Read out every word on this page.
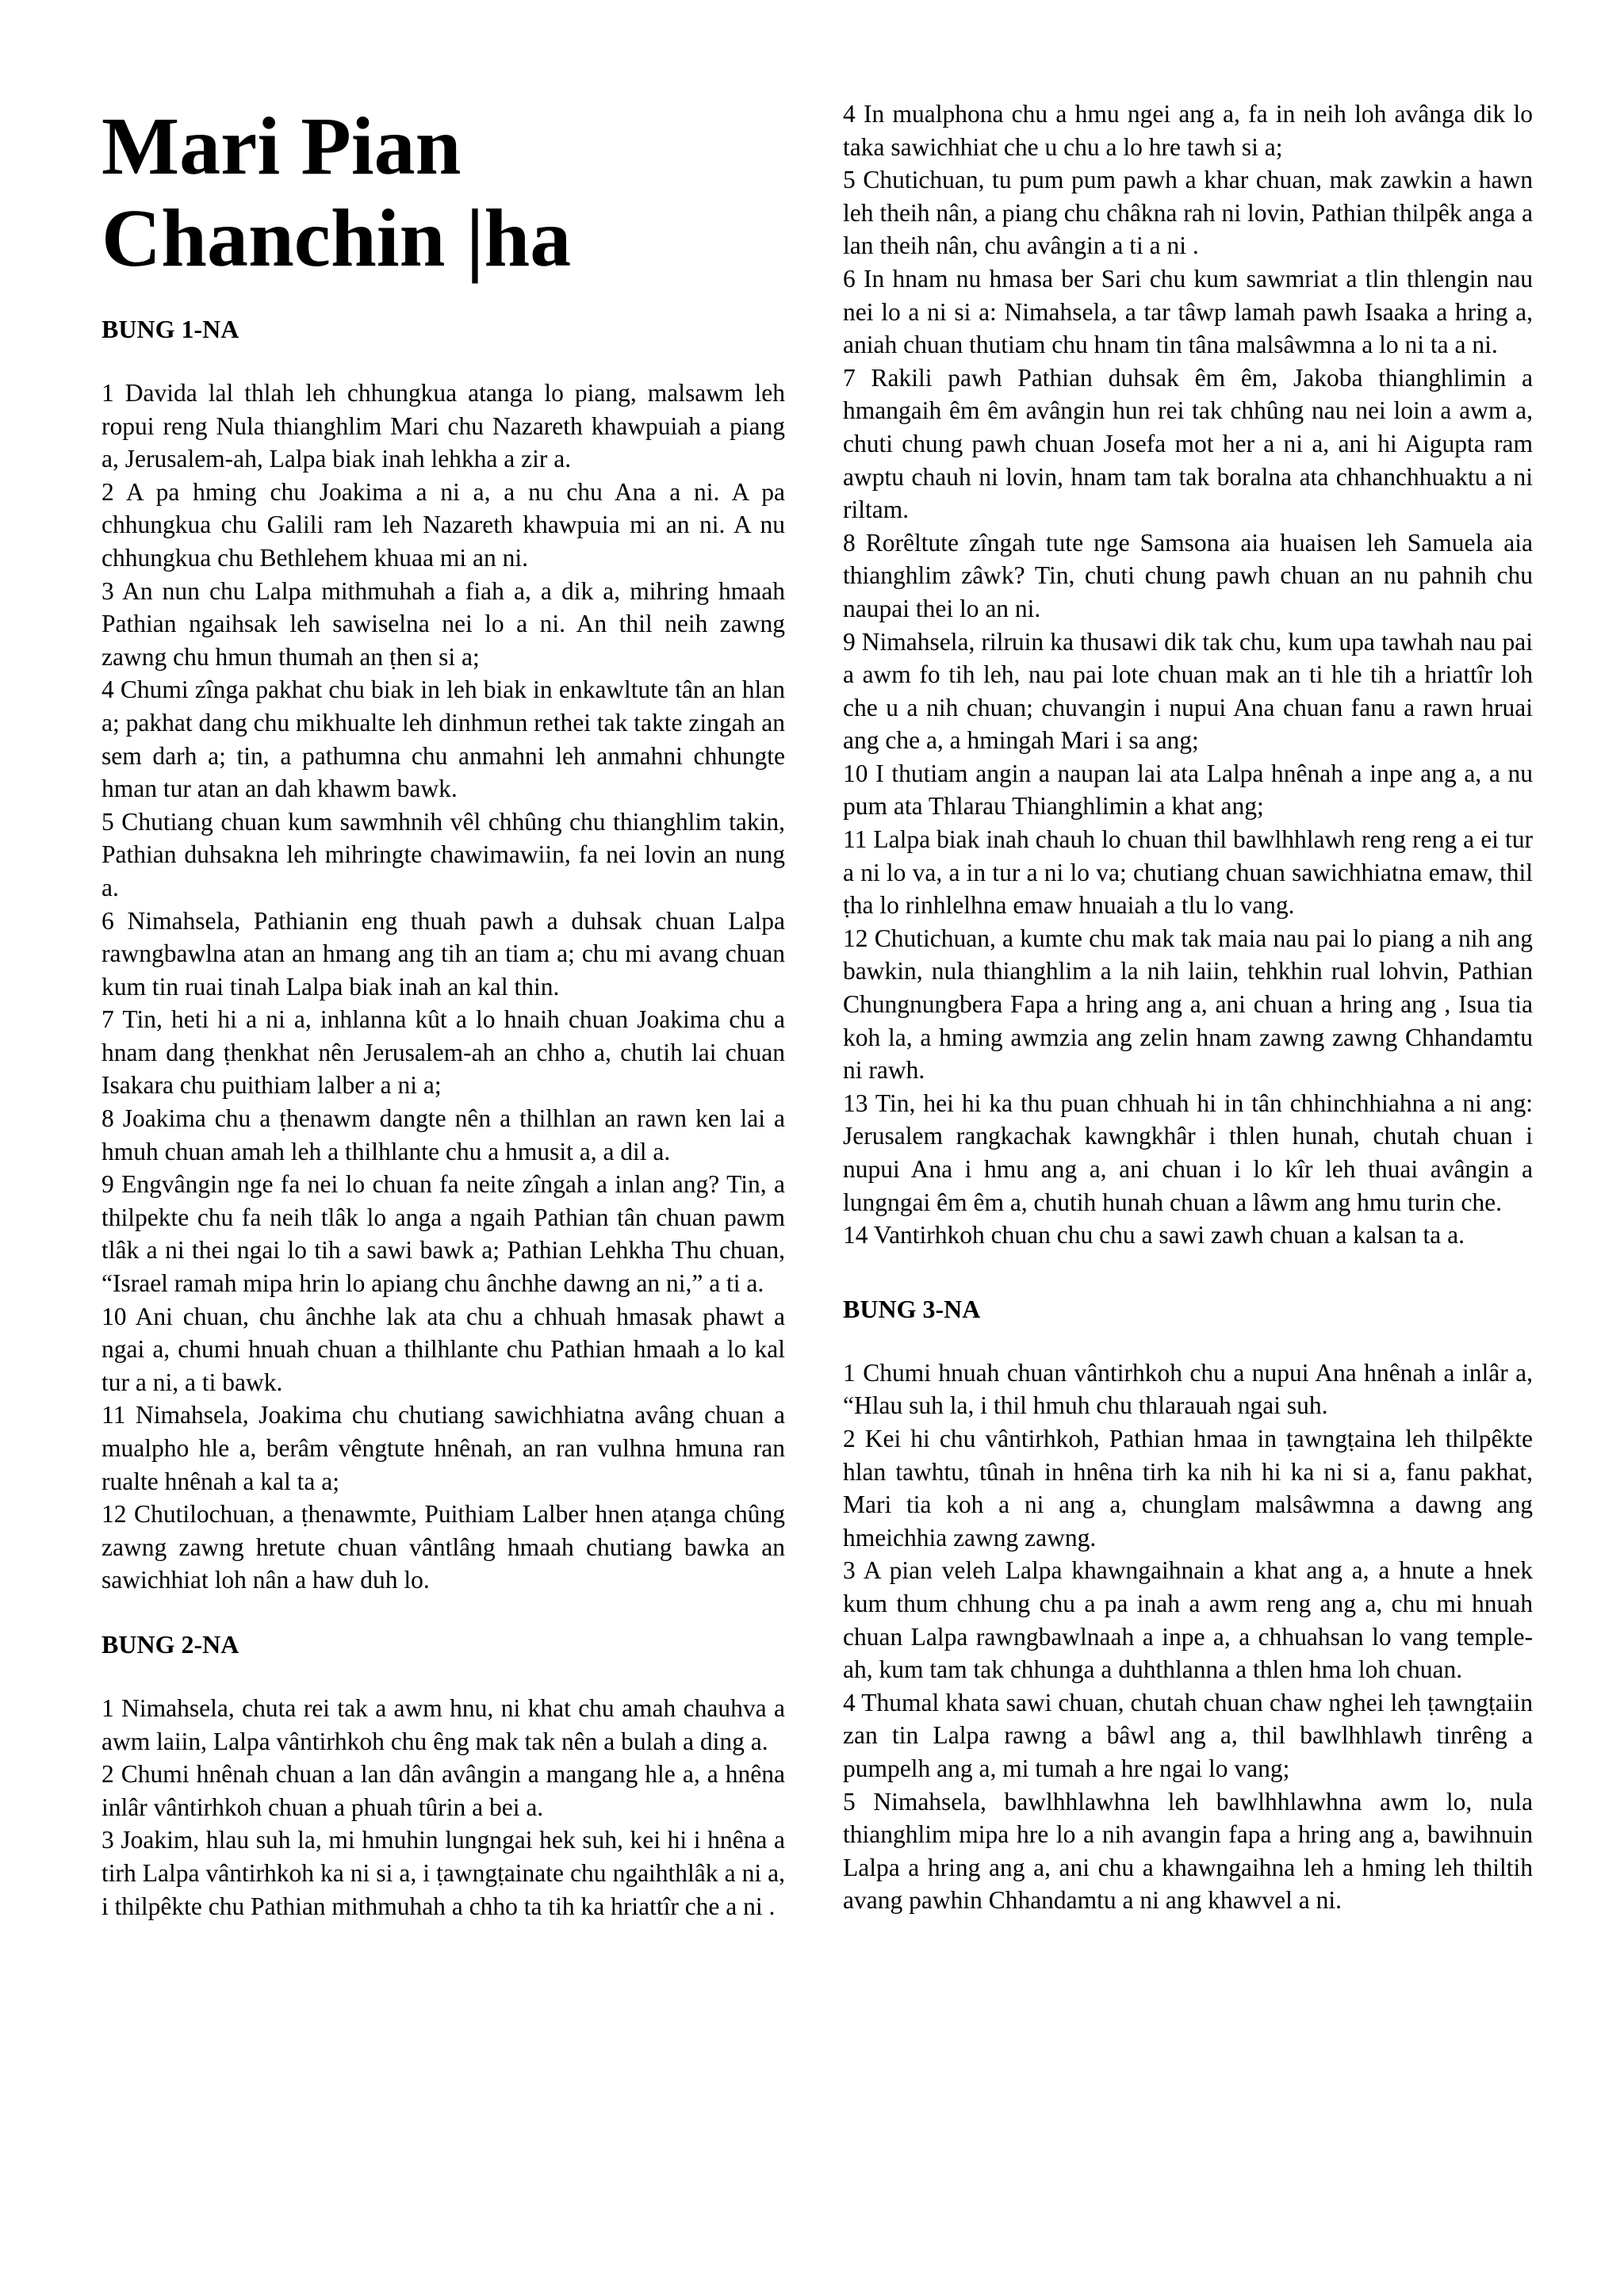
Mari Pian Chanchin |ha
BUNG 1-NA

1 Davida lal thlah leh chhungkua atanga lo piang, malsawm leh ropui reng Nula thianghlim Mari chu Nazareth khawpuiah a piang a, Jerusalem-ah, Lalpa biak inah lehkha a zir a.

2 A pa hming chu Joakima a ni a, a nu chu Ana a ni. A pa chhungkua chu Galili ram leh Nazareth khawpuia mi an ni. A nu chhungkua chu Bethlehem khuaa mi an ni.

3 An nun chu Lalpa mithmuhah a fiah a, a dik a, mihring hmaah Pathian ngaihsak leh sawiselna nei lo a ni. An thil neih zawng zawng chu hmun thumah an ṭhen si a;

4 Chumi zînga pakhat chu biak in leh biak in enkawltute tân an hlan a; pakhat dang chu mikhualte leh dinhmun rethei tak takte zingah an sem darh a; tin, a pathumna chu anmahni leh anmahni chhungte hman tur atan an dah khawm bawk.

5 Chutiang chuan kum sawmhnih vêl chhûng chu thianghlim takin, Pathian duhsakna leh mihringte chawimawiin, fa nei lovin an nung a.

6 Nimahsela, Pathianin eng thuah pawh a duhsak chuan Lalpa rawngbawlna atan an hmang ang tih an tiam a; chu mi avang chuan kum tin ruai tinah Lalpa biak inah an kal thin.

7 Tin, heti hi a ni a, inhlanna kût a lo hnaih chuan Joakima chu a hnam dang ṭhenkhat nên Jerusalem-ah an chho a, chutih lai chuan Isakara chu puithiam lalber a ni a;

8 Joakima chu a ṭhenawm dangte nên a thilhlan an rawn ken lai a hmuh chuan amah leh a thilhlante chu a hmusit a, a dil a.

9 Engvângin nge fa nei lo chuan fa neite zîngah a inlan ang? Tin, a thilpekte chu fa neih tlâk lo anga a ngaih Pathian tân chuan pawm tlâk a ni thei ngai lo tih a sawi bawk a; Pathian Lehkha Thu chuan, “Israel ramah mipa hrin lo apiang chu ânchhe dawng an ni,” a ti a.

10 Ani chuan, chu ânchhe lak ata chu a chhuah hmasak phawt a ngai a, chumi hnuah chuan a thilhlante chu Pathian hmaah a lo kal tur a ni, a ti bawk.

11 Nimahsela, Joakima chu chutiang sawichhiatna avâng chuan a mualpho hle a, berâm vêngtute hnênah, an ran vulhna hmuna ran rualte hnênah a kal ta a;

12 Chutilochuan, a ṭhenawmte, Puithiam Lalber hnen aṭanga chûng zawng zawng hretute chuan vântlâng hmaah chutiang bawka an sawichhiat loh nân a haw duh lo.

BUNG 2-NA

1 Nimahsela, chuta rei tak a awm hnu, ni khat chu amah chauhva a awm laiin, Lalpa vântirhkoh chu êng mak tak nên a bulah a ding a.

2 Chumi hnênah chuan a lan dân avângin a mangang hle a, a hnêna inlâr vântirhkoh chuan a phuah tûrin a bei a.

3 Joakim, hlau suh la, mi hmuhin lungngai hek suh, kei hi i hnêna a tirh Lalpa vântirhkoh ka ni si a, i ṭawngṭainate chu ngaihthlâk a ni a, i thilpêkte chu Pathian mithmuhah a chho ta tih ka hriattîr che a ni .

4 In mualphona chu a hmu ngei ang a, fa in neih loh avânga dik lo taka sawichhiat che u chu a lo hre tawh si a;

5 Chutichuan, tu pum pum pawh a khar chuan, mak zawkin a hawn leh theih nân, a piang chu châkna rah ni lovin, Pathian thilpêk anga a lan theih nân, chu avângin a ti a ni .

6 In hnam nu hmasa ber Sari chu kum sawmriat a tlin thlengin nau nei lo a ni si a: Nimahsela, a tar tâwp lamah pawh Isaaka a hring a, aniah chuan thutiam chu hnam tin tâna malsâwmna a lo ni ta a ni.

7 Rakili pawh Pathian duhsak êm êm, Jakoba thianghlimin a hmangaih êm êm avângin hun rei tak chhûng nau nei loin a awm a, chuti chung pawh chuan Josefa mot her a ni a, ani hi Aigupta ram awptu chauh ni lovin, hnam tam tak boralna ata chhanchhuaktu a ni riltam.

8 Rorêltute zîngah tute nge Samsona aia huaisen leh Samuela aia thianghlim zâwk? Tin, chuti chung pawh chuan an nu pahnih chu naupai thei lo an ni.

9 Nimahsela, rilruin ka thusawi dik tak chu, kum upa tawhah nau pai a awm fo tih leh, nau pai lote chuan mak an ti hle tih a hriattîr loh che u a nih chuan; chuvangin i nupui Ana chuan fanu a rawn hruai ang che a, a hmingah Mari i sa ang;

10 I thutiam angin a naupan lai ata Lalpa hnênah a inpe ang a, a nu pum ata Thlarau Thianghlimin a khat ang;

11 Lalpa biak inah chauh lo chuan thil bawlhhlawh reng reng a ei tur a ni lo va, a in tur a ni lo va; chutiang chuan sawichhiatna emaw, thil ṭha lo rinhlelhna emaw hnuaiah a tlu lo vang.

12 Chutichuan, a kumte chu mak tak maia nau pai lo piang a nih ang bawkin, nula thianghlim a la nih laiin, tehkhin rual lohvin, Pathian Chungnungbera Fapa a hring ang a, ani chuan a hring ang , Isua tia koh la, a hming awmzia ang zelin hnam zawng zawng Chhandamtu ni rawh.

13 Tin, hei hi ka thu puan chhuah hi in tân chhinchhiahna a ni ang: Jerusalem rangkachak kawngkhâr i thlen hunah, chutah chuan i nupui Ana i hmu ang a, ani chuan i lo kîr leh thuai avângin a lungngai êm êm a, chutih hunah chuan a lâwm ang hmu turin che.

14 Vantirhkoh chuan chu chu a sawi zawh chuan a kalsan ta a.

BUNG 3-NA

1 Chumi hnuah chuan vântirhkoh chu a nupui Ana hnênah a inlâr a, “Hlau suh la, i thil hmuh chu thlarauah ngai suh.

2 Kei hi chu vântirhkoh, Pathian hmaa in ṭawngṭaina leh thilpêkte hlan tawhtu, tûnah in hnêna tirh ka nih hi ka ni si a, fanu pakhat, Mari tia koh a ni ang a, chunglam malsâwmna a dawng ang hmeichhia zawng zawng.

3 A pian veleh Lalpa khawngaihnain a khat ang a, a hnute a hnek kum thum chhung chu a pa inah a awm reng ang a, chu mi hnuah chuan Lalpa rawngbawlnaah a inpe a, a chhuahsan lo vang temple-ah, kum tam tak chhunga a duhthlanna a thlen hma loh chuan.

4 Thumal khata sawi chuan, chutah chuan chaw nghei leh ṭawngṭaiin zan tin Lalpa rawng a bâwl ang a, thil bawlhhlawh tinrêng a pumpelh ang a, mi tumah a hre ngai lo vang;

5 Nimahsela, bawlhhlawhna leh bawlhhlawhna awm lo, nula thianghlim mipa hre lo a nih avangin fapa a hring ang a, bawihnuin Lalpa a hring ang a, ani chu a khawngaihna leh a hming leh thiltih avang pawhin Chhandamtu a ni ang khawvel a ni.
